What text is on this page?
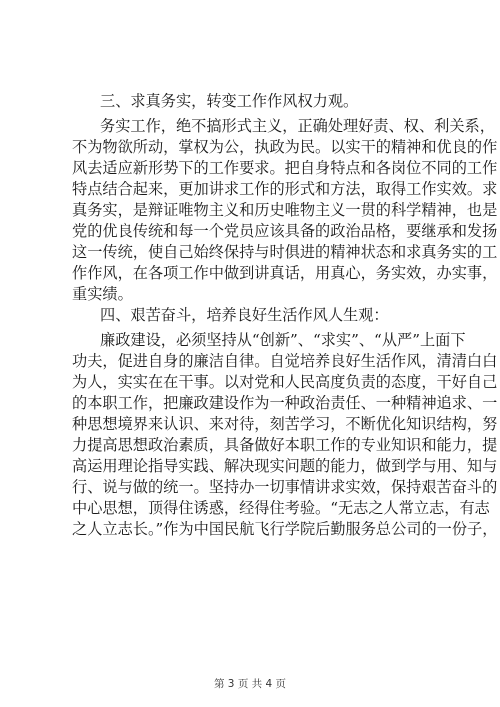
三、求真务实，转变工作作风权力观。
务实工作，绝不搞形式主义，正确处理好责、权、利关系，
不为物欲所动，掌权为公，执政为民。以实干的精神和优良的作
风去适应新形势下的工作要求。把自身特点和各岗位不同的工作
特点结合起来，更加讲求工作的形式和方法，取得工作实效。求
真务实，是辩证唯物主义和历史唯物主义一贯的科学精神，也是
党的优良传统和每一个党员应该具备的政治品格，要继承和发扬
这一传统，使自己始终保持与时俱进的精神状态和求真务实的工
作作风，在各项工作中做到讲真话，用真心，务实效，办实事，
重实绩。
四、艰苦奋斗，培养良好生活作风人生观：
廉政建设，必须坚持从“创新”、“求实”、“从严”上面下
功夫，促进自身的廉洁自律。自觉培养良好生活作风，清清白白
为人，实实在在干事。以对党和人民高度负责的态度，干好自己
的本职工作，把廉政建设作为一种政治责任、一种精神追求、一
种思想境界来认识、来对待，刻苦学习，不断优化知识结构，努
力提高思想政治素质，具备做好本职工作的专业知识和能力，提
高运用理论指导实践、解决现实问题的能力，做到学与用、知与
行、说与做的统一。坚持办一切事情讲求实效，保持艰苦奋斗的
中心思想，顶得住诱惑，经得住考验。“无志之人常立志，有志
之人立志长。”作为中国民航飞行学院后勤服务总公司的一份子，
第 3 页 共 4 页
